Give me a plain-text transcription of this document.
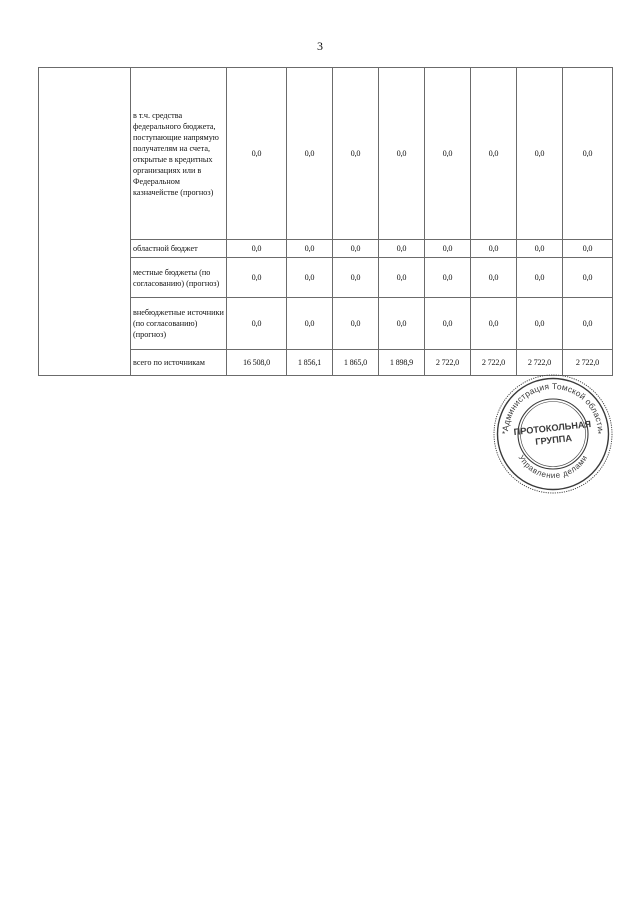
3
	в т.ч. средства федерального бюджета, поступающие напрямую получателям на счета, открытые в кредитных организациях или в Федеральном казначействе (прогноз)	0,0	0,0	0,0	0,0	0,0	0,0	0,0	0,0
	областной бюджет	0,0	0,0	0,0	0,0	0,0	0,0	0,0	0,0
	местные бюджеты (по согласованию) (прогноз)	0,0	0,0	0,0	0,0	0,0	0,0	0,0	0,0
	внебюджетные источники (по согласованию) (прогноз)	0,0	0,0	0,0	0,0	0,0	0,0	0,0	0,0
	всего по источникам	16 508,0	1 856,1	1 865,0	1 898,9	2 722,0	2 722,0	2 722,0	2 722,0
Администрация Томской области
Управление делами
*	*
ПРОТОКОЛЬНАЯ
ГРУППА
